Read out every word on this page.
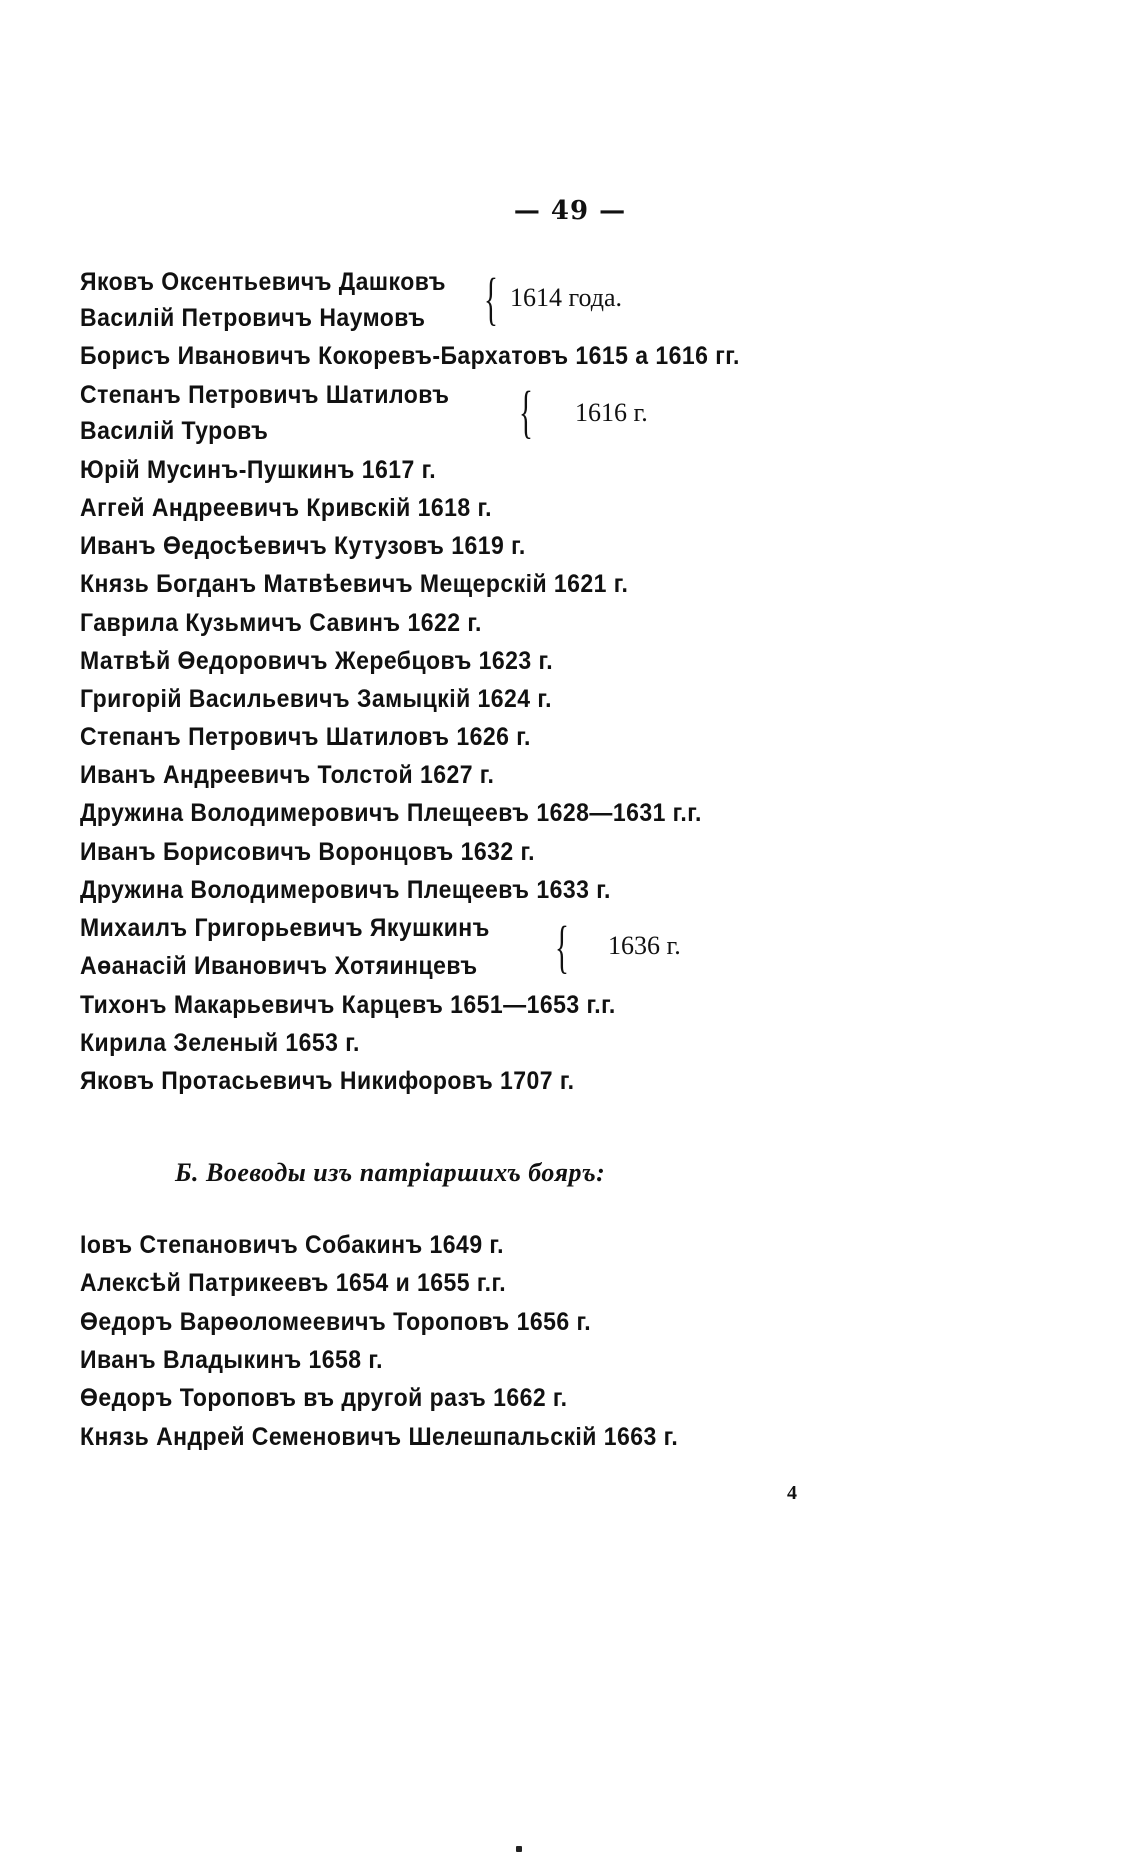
— 49 —
Яковъ Оксентьевичъ Дашковъ
Василій Петровичъ Наумовъ { 1614 года.
Борисъ Ивановичъ Кокоревъ-Бархатовъ 1615 а 1616 гг.
Степанъ Петровичъ Шатиловъ
Василій Туровъ	{ 1616 г.
Юрій Мусинъ-Пушкинъ 1617 г.
Аггей Андреевичъ Кривскій 1618 г.
Иванъ Өедосѣевичъ Кутузовъ 1619 г.
Князь Богданъ Матвѣевичъ Мещерскій 1621 г.
Гаврила Кузьмичъ Савинъ 1622 г.
Матвѣй Өедоровичъ Жеребцовъ 1623 г.
Григорій Васильевичъ Замыцкій 1624 г.
Степанъ Петровичъ Шатиловъ 1626 г.
Иванъ Андреевичъ Толстой 1627 г.
Дружина Володимеровичъ Плещеевъ 1628—1631 г.г.
Иванъ Борисовичъ Воронцовъ 1632 г.
Дружина Володимеровичъ Плещеевъ 1633 г.
Михаилъ Григорьевичъ Якушкинъ
Аөанасій Ивановичъ Хотяинцевъ { 1636 г.
Тихонъ Макарьевичъ Карцевъ 1651—1653 г.г.
Кирила Зеленый 1653 г.
Яковъ Протасьевичъ Никифоровъ 1707 г.
Б. Воеводы изъ патріаршихъ бояръ:
Іовъ Степановичъ Собакинъ 1649 г.
Алексѣй Патрикеевъ 1654 и 1655 г.г.
Өедоръ Варөоломеевичъ Тороповъ 1656 г.
Иванъ Владыкинъ 1658 г.
Өедоръ Тороповъ въ другой разъ 1662 г.
Князь Андрей Семеновичъ Шелешпальскій 1663 г.
4
